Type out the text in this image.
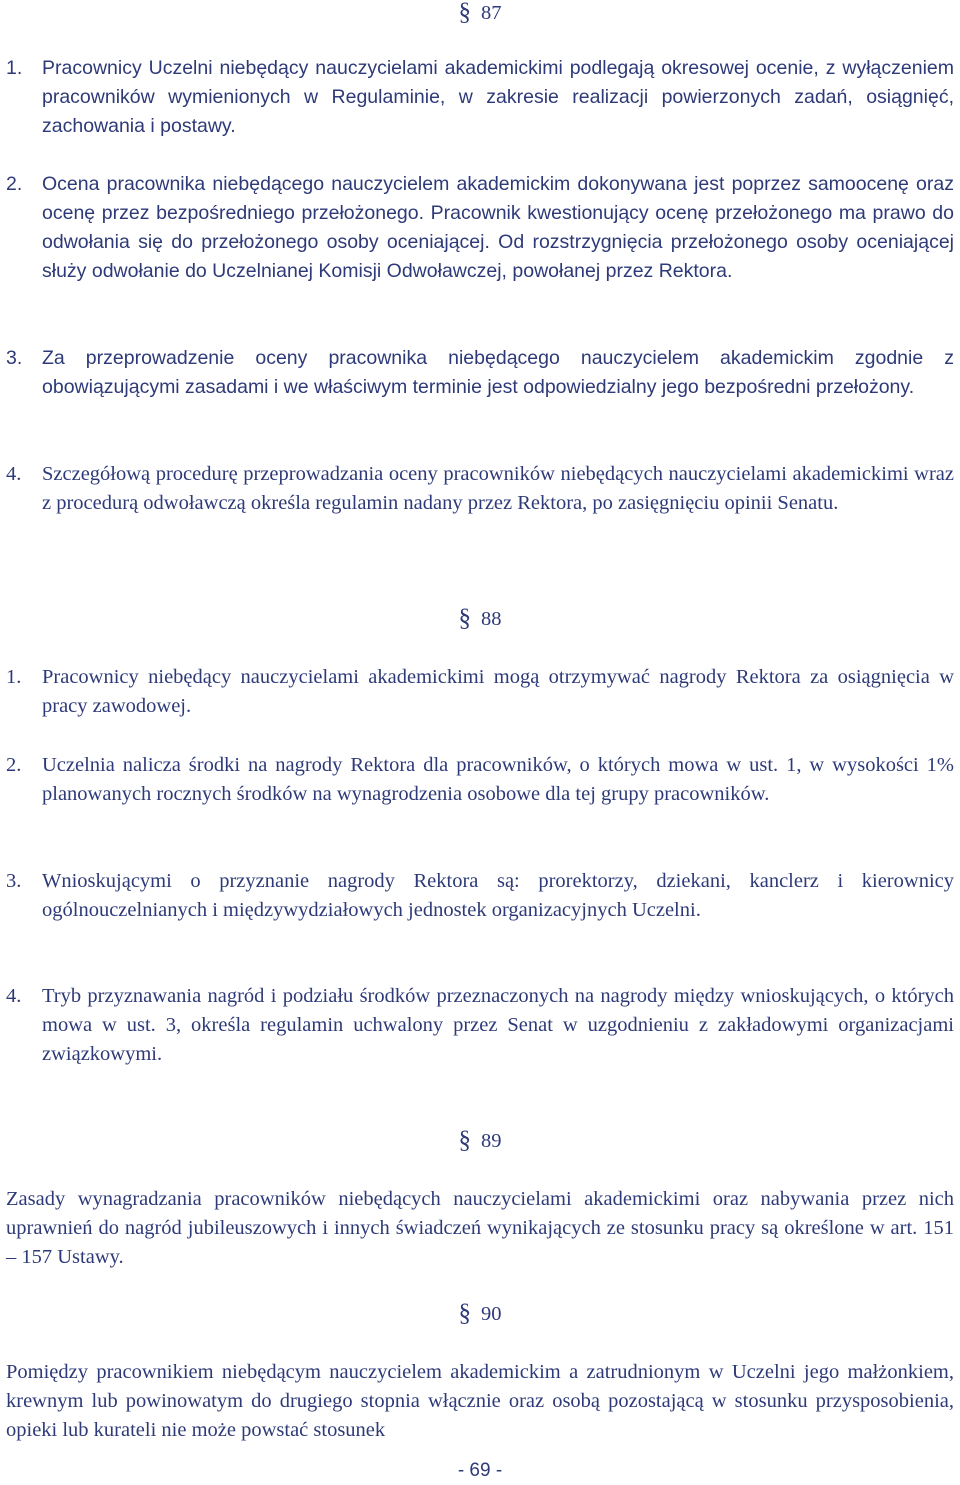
§ 87
1. Pracownicy Uczelni niebędący nauczycielami akademickimi podlegają okresowej ocenie, z wyłączeniem pracowników wymienionych w Regulaminie, w zakresie realizacji powierzonych zadań, osiągnięć, zachowania i postawy.
2. Ocena pracownika niebędącego nauczycielem akademickim dokonywana jest poprzez samoocenę oraz ocenę przez bezpośredniego przełożonego. Pracownik kwestionujący ocenę przełożonego ma prawo do odwołania się do przełożonego osoby oceniającej. Od rozstrzygnięcia przełożonego osoby oceniającej służy odwołanie do Uczelnianej Komisji Odwoławczej, powołanej przez Rektora.
3. Za przeprowadzenie oceny pracownika niebędącego nauczycielem akademickim zgodnie z obowiązującymi zasadami i we właściwym terminie jest odpowiedzialny jego bezpośredni przełożony.
4. Szczegółową procedurę przeprowadzania oceny pracowników niebędących nauczycielami akademickimi wraz z procedurą odwoławczą określa regulamin nadany przez Rektora, po zasięgnięciu opinii Senatu.
§ 88
1. Pracownicy niebędący nauczycielami akademickimi mogą otrzymywać nagrody Rektora za osiągnięcia w pracy zawodowej.
2. Uczelnia nalicza środki na nagrody Rektora dla pracowników, o których mowa w ust. 1, w wysokości 1% planowanych rocznych środków na wynagrodzenia osobowe dla tej grupy pracowników.
3. Wnioskującymi o przyznanie nagrody Rektora są: prorektorzy, dziekani, kanclerz i kierownicy ogólnouczelnianych i międzywydziałowych jednostek organizacyjnych Uczelni.
4. Tryb przyznawania nagród i podziału środków przeznaczonych na nagrody między wnioskujących, o których mowa w ust. 3, określa regulamin uchwalony przez Senat w uzgodnieniu z zakładowymi organizacjami związkowymi.
§ 89
Zasady wynagradzania pracowników niebędących nauczycielami akademickimi oraz nabywania przez nich uprawnień do nagród jubileuszowych i innych świadczeń wynikających ze stosunku pracy są określone w art. 151 – 157 Ustawy.
§ 90
Pomiędzy pracownikiem niebędącym nauczycielem akademickim a zatrudnionym w Uczelni jego małżonkiem, krewnym lub powinowatym do drugiego stopnia włącznie oraz osobą pozostającą w stosunku przysposobienia, opieki lub kurateli nie może powstać stosunek
- 69 -
